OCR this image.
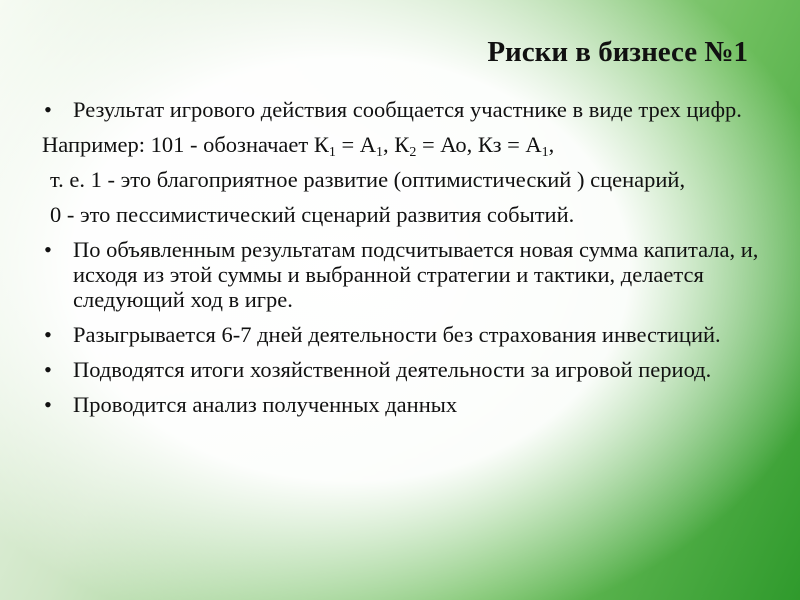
Риски в бизнесе №1

• Результат игрового действия сообщается участнике в виде трех цифр.

Например: 101 - обозначает $К_1 = А_1$, $К_2$ = Ао, Кз = $А_1$,

т. е. 1 - это благоприятное развитие (оптимистический ) сценарий,

0 - это пессимистический сценарий развития событий.

• По объявленным результатам подсчитывается новая сумма капитала, и, исходя из этой суммы и выбранной стратегии и тактики, делается следующий ход в игре.

• Разыгрывается 6-7 дней деятельности без страхования инвестиций.

• Подводятся итоги хозяйственной деятельности за игровой период.

• Проводится анализ полученных данных
